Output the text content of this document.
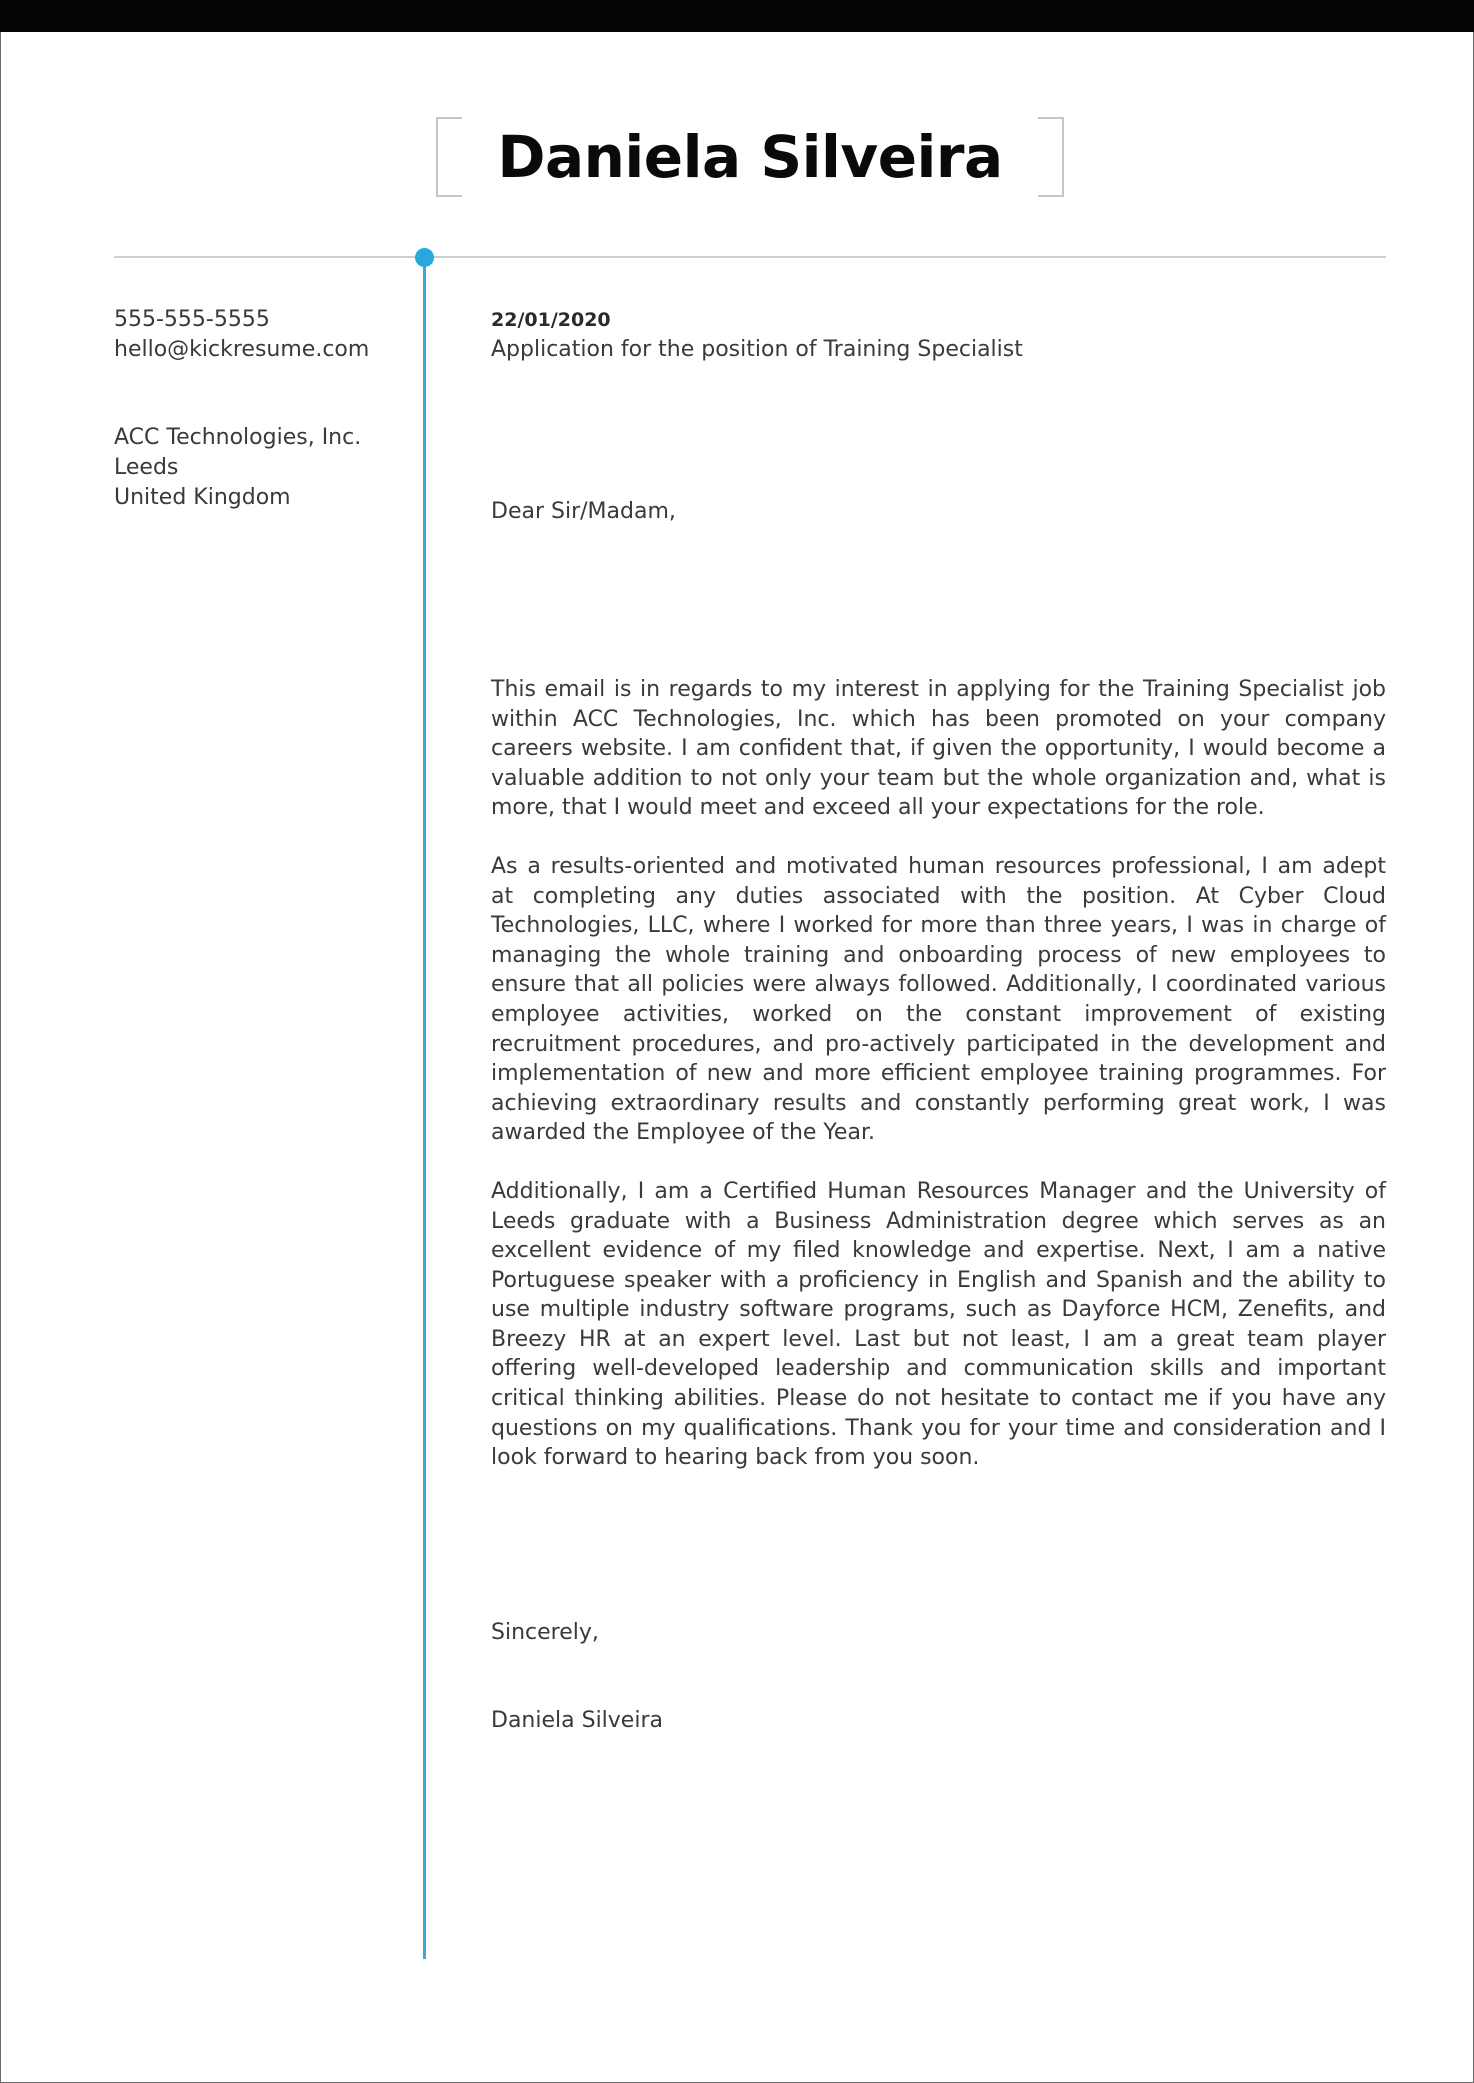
Daniela Silveira
555-555-5555
hello@kickresume.com
ACC Technologies, Inc.
Leeds
United Kingdom
22/01/2020
Application for the position of Training Specialist
Dear Sir/Madam,

This email is in regards to my interest in applying for the Training Specialist job within ACC Technologies, Inc. which has been promoted on your company careers website. I am confident that, if given the opportunity, I would become a valuable addition to not only your team but the whole organization and, what is more, that I would meet and exceed all your expectations for the role.

As a results-oriented and motivated human resources professional, I am adept at completing any duties associated with the position. At Cyber Cloud Technologies, LLC, where I worked for more than three years, I was in charge of managing the whole training and onboarding process of new employees to ensure that all policies were always followed. Additionally, I coordinated various employee activities, worked on the constant improvement of existing recruitment procedures, and pro-actively participated in the development and implementation of new and more efficient employee training programmes. For achieving extraordinary results and constantly performing great work, I was awarded the Employee of the Year.

Additionally, I am a Certified Human Resources Manager and the University of Leeds graduate with a Business Administration degree which serves as an excellent evidence of my filed knowledge and expertise. Next, I am a native Portuguese speaker with a proficiency in English and Spanish and the ability to use multiple industry software programs, such as Dayforce HCM, Zenefits, and Breezy HR at an expert level. Last but not least, I am a great team player offering well-developed leadership and communication skills and important critical thinking abilities. Please do not hesitate to contact me if you have any questions on my qualifications. Thank you for your time and consideration and I look forward to hearing back from you soon.

Sincerely,
Daniela Silveira
